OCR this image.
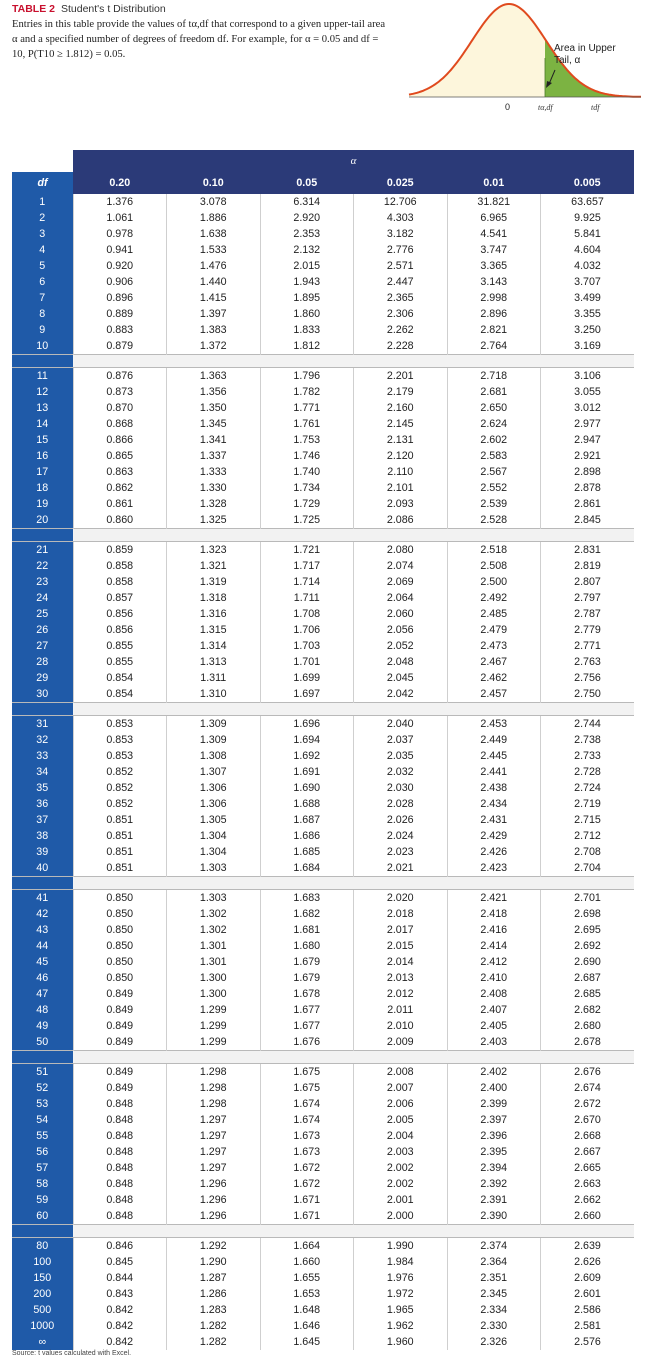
TABLE 2 Student's t Distribution
Entries in this table provide the values of tα,df that correspond to a given upper-tail area α and a specified number of degrees of freedom df. For example, for α = 0.05 and df = 10, P(T10 ≥ 1.812) = 0.05.
Area in Upper
Tail, α
0	tα,df	tdf
	α					
df	0.20	0.10	0.05	0.025	0.01	0.005
1	1.376	3.078	6.314	12.706	31.821	63.657
2	1.061	1.886	2.920	4.303	6.965	9.925
3	0.978	1.638	2.353	3.182	4.541	5.841
4	0.941	1.533	2.132	2.776	3.747	4.604
5	0.920	1.476	2.015	2.571	3.365	4.032
6	0.906	1.440	1.943	2.447	3.143	3.707
7	0.896	1.415	1.895	2.365	2.998	3.499
8	0.889	1.397	1.860	2.306	2.896	3.355
9	0.883	1.383	1.833	2.262	2.821	3.250
10	0.879	1.372	1.812	2.228	2.764	3.169

11	0.876	1.363	1.796	2.201	2.718	3.106
12	0.873	1.356	1.782	2.179	2.681	3.055
13	0.870	1.350	1.771	2.160	2.650	3.012
14	0.868	1.345	1.761	2.145	2.624	2.977
15	0.866	1.341	1.753	2.131	2.602	2.947
16	0.865	1.337	1.746	2.120	2.583	2.921
17	0.863	1.333	1.740	2.110	2.567	2.898
18	0.862	1.330	1.734	2.101	2.552	2.878
19	0.861	1.328	1.729	2.093	2.539	2.861
20	0.860	1.325	1.725	2.086	2.528	2.845

21	0.859	1.323	1.721	2.080	2.518	2.831
22	0.858	1.321	1.717	2.074	2.508	2.819
23	0.858	1.319	1.714	2.069	2.500	2.807
24	0.857	1.318	1.711	2.064	2.492	2.797
25	0.856	1.316	1.708	2.060	2.485	2.787
26	0.856	1.315	1.706	2.056	2.479	2.779
27	0.855	1.314	1.703	2.052	2.473	2.771
28	0.855	1.313	1.701	2.048	2.467	2.763
29	0.854	1.311	1.699	2.045	2.462	2.756
30	0.854	1.310	1.697	2.042	2.457	2.750

31	0.853	1.309	1.696	2.040	2.453	2.744
32	0.853	1.309	1.694	2.037	2.449	2.738
33	0.853	1.308	1.692	2.035	2.445	2.733
34	0.852	1.307	1.691	2.032	2.441	2.728
35	0.852	1.306	1.690	2.030	2.438	2.724
36	0.852	1.306	1.688	2.028	2.434	2.719
37	0.851	1.305	1.687	2.026	2.431	2.715
38	0.851	1.304	1.686	2.024	2.429	2.712
39	0.851	1.304	1.685	2.023	2.426	2.708
40	0.851	1.303	1.684	2.021	2.423	2.704

41	0.850	1.303	1.683	2.020	2.421	2.701
42	0.850	1.302	1.682	2.018	2.418	2.698
43	0.850	1.302	1.681	2.017	2.416	2.695
44	0.850	1.301	1.680	2.015	2.414	2.692
45	0.850	1.301	1.679	2.014	2.412	2.690
46	0.850	1.300	1.679	2.013	2.410	2.687
47	0.849	1.300	1.678	2.012	2.408	2.685
48	0.849	1.299	1.677	2.011	2.407	2.682
49	0.849	1.299	1.677	2.010	2.405	2.680
50	0.849	1.299	1.676	2.009	2.403	2.678

51	0.849	1.298	1.675	2.008	2.402	2.676
52	0.849	1.298	1.675	2.007	2.400	2.674
53	0.848	1.298	1.674	2.006	2.399	2.672
54	0.848	1.297	1.674	2.005	2.397	2.670
55	0.848	1.297	1.673	2.004	2.396	2.668
56	0.848	1.297	1.673	2.003	2.395	2.667
57	0.848	1.297	1.672	2.002	2.394	2.665
58	0.848	1.296	1.672	2.002	2.392	2.663
59	0.848	1.296	1.671	2.001	2.391	2.662
60	0.848	1.296	1.671	2.000	2.390	2.660

80	0.846	1.292	1.664	1.990	2.374	2.639
100	0.845	1.290	1.660	1.984	2.364	2.626
150	0.844	1.287	1.655	1.976	2.351	2.609
200	0.843	1.286	1.653	1.972	2.345	2.601
500	0.842	1.283	1.648	1.965	2.334	2.586
1000	0.842	1.282	1.646	1.962	2.330	2.581
∞	0.842	1.282	1.645	1.960	2.326	2.576
Source: t values calculated with Excel.
